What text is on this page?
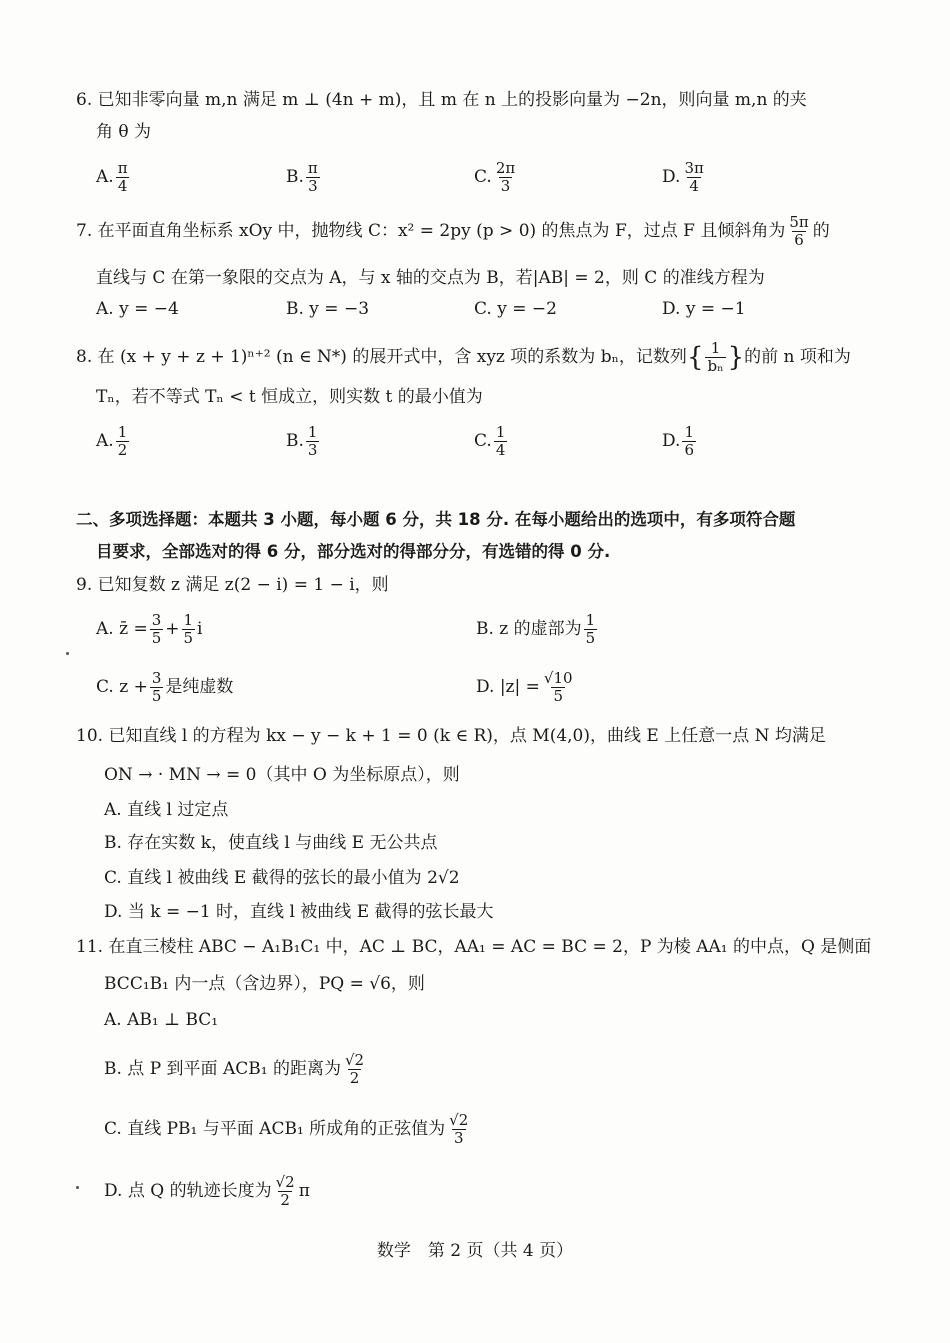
6. 已知非零向量 m,n 满足 m ⊥ (4n + m)，且 m 在 n 上的投影向量为 −2n，则向量 m,n 的夹
角 θ 为
A. $\frac{\pi}{4}$	B. $\frac{\pi}{3}$	C. $\frac{2\pi}{3}$	D. $\frac{3\pi}{4}$
7. 在平面直角坐标系 xOy 中，抛物线 C：x² = 2py (p > 0) 的焦点为 F，过点 F 且倾斜角为 $\frac{5\pi}{6}$ 的
直线与 C 在第一象限的交点为 A，与 x 轴的交点为 B，若|AB| = 2，则 C 的准线方程为
A. y = −4	B. y = −3	C. y = −2	D. y = −1
8. 在 (x + y + z + 1)ⁿ⁺² (n ∈ N*) 的展开式中，含 xyz 项的系数为 bₙ，记数列{ $\frac{1}{\text{bₙ}}$ }的前 n 项和为
Tₙ，若不等式 Tₙ < t 恒成立，则实数 t 的最小值为
A. $\frac{1}{2}$	B. $\frac{1}{3}$	C. $\frac{1}{4}$	D. $\frac{1}{6}$
二、多项选择题：本题共 3 小题，每小题 6 分，共 18 分. 在每小题给出的选项中，有多项符合题
目要求，全部选对的得 6 分，部分选对的得部分分，有选错的得 0 分.
9. 已知复数 z 满足 z(2 − i) = 1 − i，则
A. z̄ = $\frac{3}{5} + \frac{1}{5}$ i	B. z 的虚部为 $\frac{1}{5}$
C. $z + \frac{3}{5}$ 是纯虚数	D. $|z| = \frac{√10}{5}$
10. 已知直线 l 的方程为 kx − y − k + 1 = 0 (k ∈ R)，点 M(4,0)，曲线 E 上任意一点 N 均满足
ON → · MN → = 0（其中 O 为坐标原点），则
A. 直线 l 过定点
B. 存在实数 k，使直线 l 与曲线 E 无公共点
C. 直线 l 被曲线 E 截得的弦长的最小值为 2√2
D. 当 k = −1 时，直线 l 被曲线 E 截得的弦长最大
11. 在直三棱柱 ABC − A₁B₁C₁ 中，AC ⊥ BC，AA₁ = AC = BC = 2，P 为棱 AA₁ 的中点，Q 是侧面
BCC₁B₁ 内一点（含边界），PQ = √6，则
A. AB₁ ⊥ BC₁
B. 点 P 到平面 ACB₁ 的距离为 $\frac{√2}{2}$
C. 直线 PB₁ 与平面 ACB₁ 所成角的正弦值为 $\frac{√2}{3}$
D. 点 Q 的轨迹长度为 $\frac{√2}{2}$ π
数学　第 2 页（共 4 页）
